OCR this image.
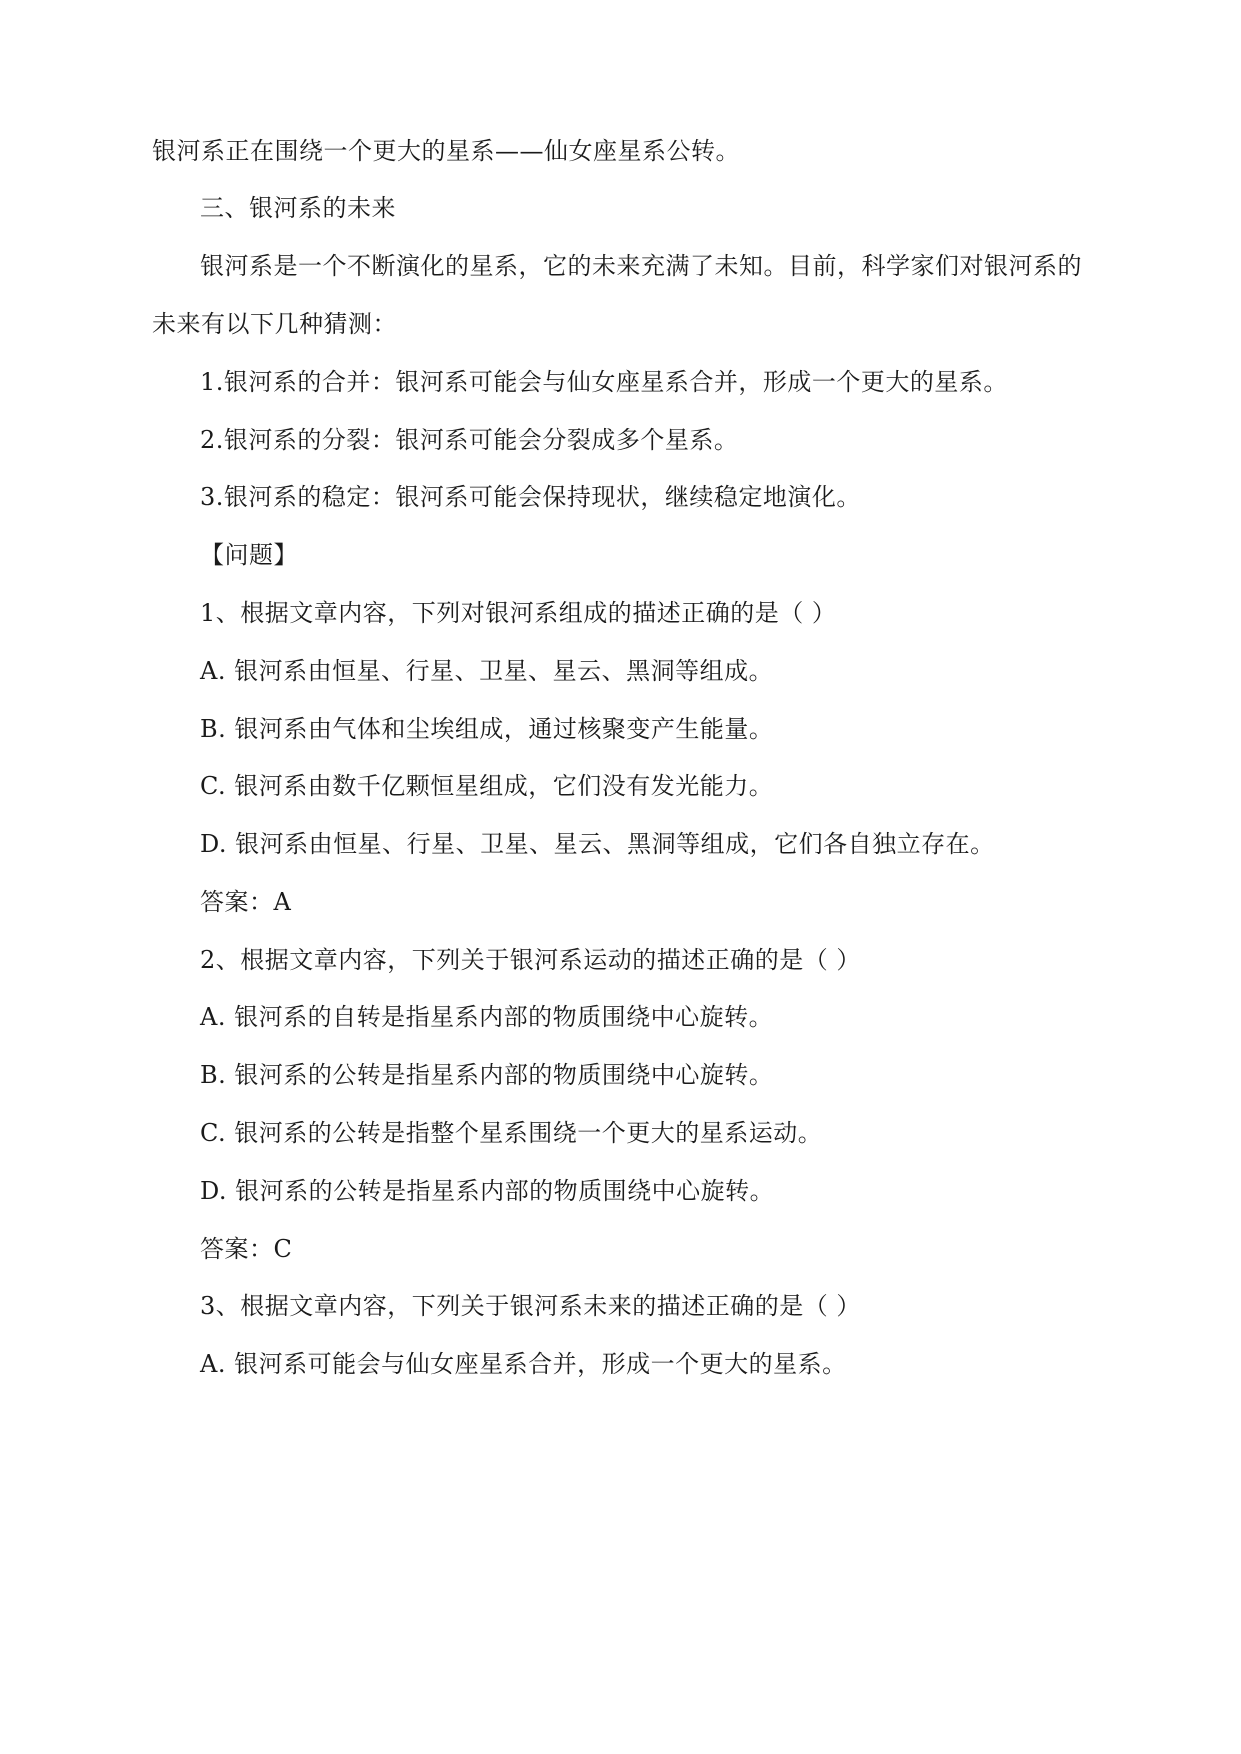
银河系正在围绕一个更大的星系——仙女座星系公转。
三、银河系的未来
银河系是一个不断演化的星系，它的未来充满了未知。目前，科学家们对银河系的
未来有以下几种猜测：
1.银河系的合并：银河系可能会与仙女座星系合并，形成一个更大的星系。
2.银河系的分裂：银河系可能会分裂成多个星系。
3.银河系的稳定：银河系可能会保持现状，继续稳定地演化。
【问题】
1、根据文章内容，下列对银河系组成的描述正确的是（ ）
A. 银河系由恒星、行星、卫星、星云、黑洞等组成。
B. 银河系由气体和尘埃组成，通过核聚变产生能量。
C. 银河系由数千亿颗恒星组成，它们没有发光能力。
D. 银河系由恒星、行星、卫星、星云、黑洞等组成，它们各自独立存在。
答案：A
2、根据文章内容，下列关于银河系运动的描述正确的是（ ）
A. 银河系的自转是指星系内部的物质围绕中心旋转。
B. 银河系的公转是指星系内部的物质围绕中心旋转。
C. 银河系的公转是指整个星系围绕一个更大的星系运动。
D. 银河系的公转是指星系内部的物质围绕中心旋转。
答案：C
3、根据文章内容，下列关于银河系未来的描述正确的是（ ）
A. 银河系可能会与仙女座星系合并，形成一个更大的星系。
